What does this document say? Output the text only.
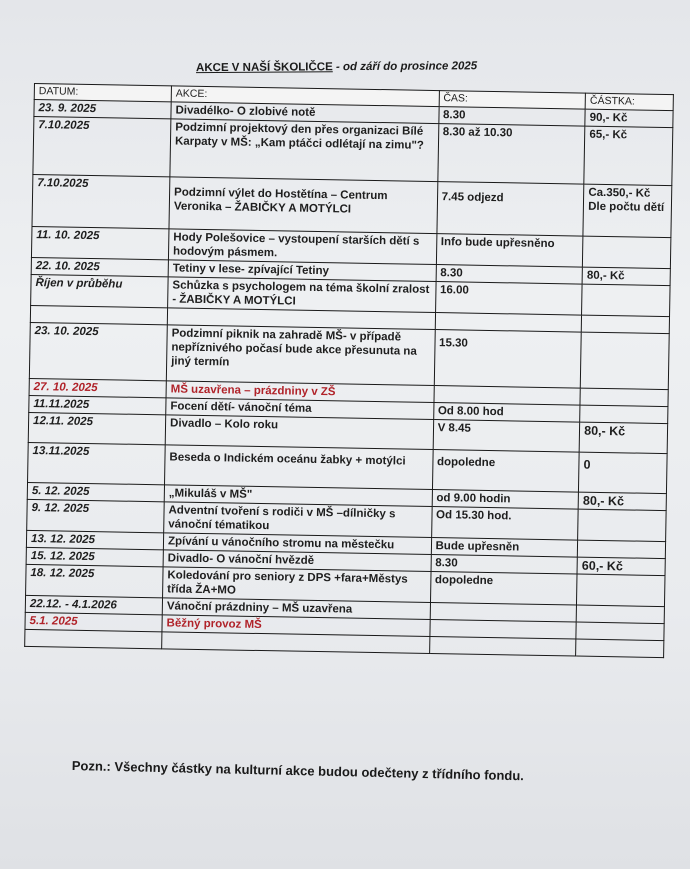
AKCE V NAŠÍ ŠKOLIČCE - od září do prosince 2025
DATUM:	AKCE:	ČAS:	ČÁSTKA:
23. 9. 2025	Divadélko- O zlobivé notě	8.30	90,- Kč
7.10.2025	Podzimní projektový den přes organizaci Bílé Karpaty v MŠ: „Kam ptáčci odlétají na zimu"?	8.30 až 10.30	65,- Kč
7.10.2025	Podzimní výlet do Hostětína – Centrum Veronika – ŽABIČKY A MOTÝLCI	7.45 odjezd	Ca.350,- Kč Dle počtu dětí
11. 10. 2025	Hody Polešovice – vystoupení starších dětí s hodovým pásmem.	Info bude upřesněno	
22. 10. 2025	Tetiny v lese- zpívající Tetiny	8.30	80,- Kč
Říjen v průběhu	Schůzka s psychologem na téma školní zralost - ŽABIČKY A MOTÝLCI	16.00	

23. 10. 2025	Podzimní piknik na zahradě MŠ- v případě nepříznivého počasí bude akce přesunuta na jiný termín	15.30	
27. 10. 2025	MŠ uzavřena – prázdniny v ZŠ		
11.11.2025	Focení dětí- vánoční téma	Od 8.00 hod	
12.11. 2025	Divadlo – Kolo roku	V 8.45	80,- Kč
13.11.2025	Beseda o Indickém oceánu žabky + motýlci	dopoledne	0
5. 12. 2025	„Mikuláš v MŠ"	od 9.00 hodin	80,- Kč
9. 12. 2025	Adventní tvoření s rodiči v MŠ –dílničky s vánoční tématikou	Od 15.30 hod.	
13. 12. 2025	Zpívání u vánočního stromu na městečku	Bude upřesněn	
15. 12. 2025	Divadlo- O vánoční hvězdě	8.30	60,- Kč
18. 12. 2025	Koledování pro seniory z DPS +fara+Městys třída ŽA+MO	dopoledne	
22.12. - 4.1.2026	Vánoční prázdniny – MŠ uzavřena		
5.1. 2025	Běžný provoz MŠ		

Pozn.: Všechny částky na kulturní akce budou odečteny z třídního fondu.
